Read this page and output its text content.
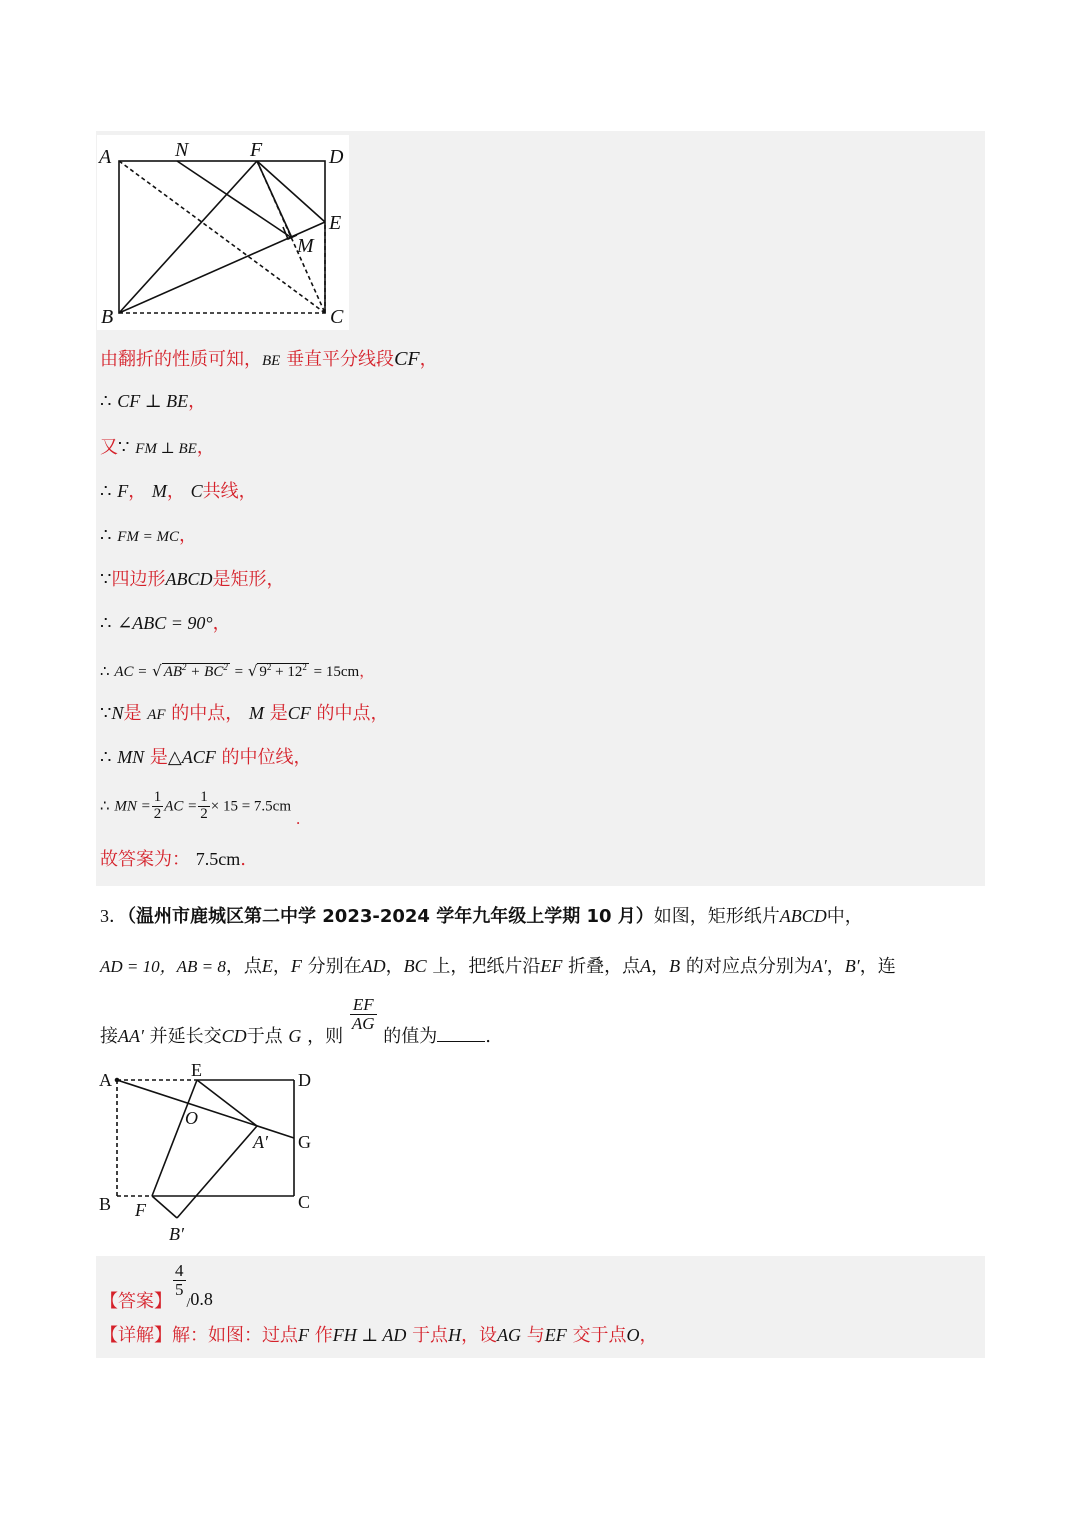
A	N	F	D
E
M
B	C
由翻折的性质可知，BE 垂直平分线段CF，
∴ CF ⊥ BE，
又∵ FM ⊥ BE，
∴ F， M， C共线，
∴ FM = MC，
∵四边形ABCD是矩形，
∴ ∠ABC = 90°，
∴ AC = √ $AB^2 + BC^2$ = √ $9^2 + 12^2 = 15cm$，
∵N是 AF 的中点， M 是CF 的中点，
∴ MN 是△ACF 的中位线，
∴ MN = $\frac{1}{2}$ AC = $\frac{1}{2} \times 15 = 7.5cm$ .
故答案为： 7.5cm.
3．（温州市鹿城区第二中学 2023-2024 学年九年级上学期 10 月）如图，矩形纸片ABCD中，
AD = 10，AB = 8，点E，F 分别在AD，BC 上，把纸片沿EF 折叠，点A，B 的对应点分别为A′，B′，连
接AA′ 并延长交CD于点 G ，则
$\frac{EF}{AG}$
的值为	.
A	E	D
O
A′ G
B F	C
B′
【答案】
$\frac{4}{5}$
$_/$0.8
【详解】解：如图：过点F 作FH ⊥ AD 于点H，设AG 与EF 交于点O，
